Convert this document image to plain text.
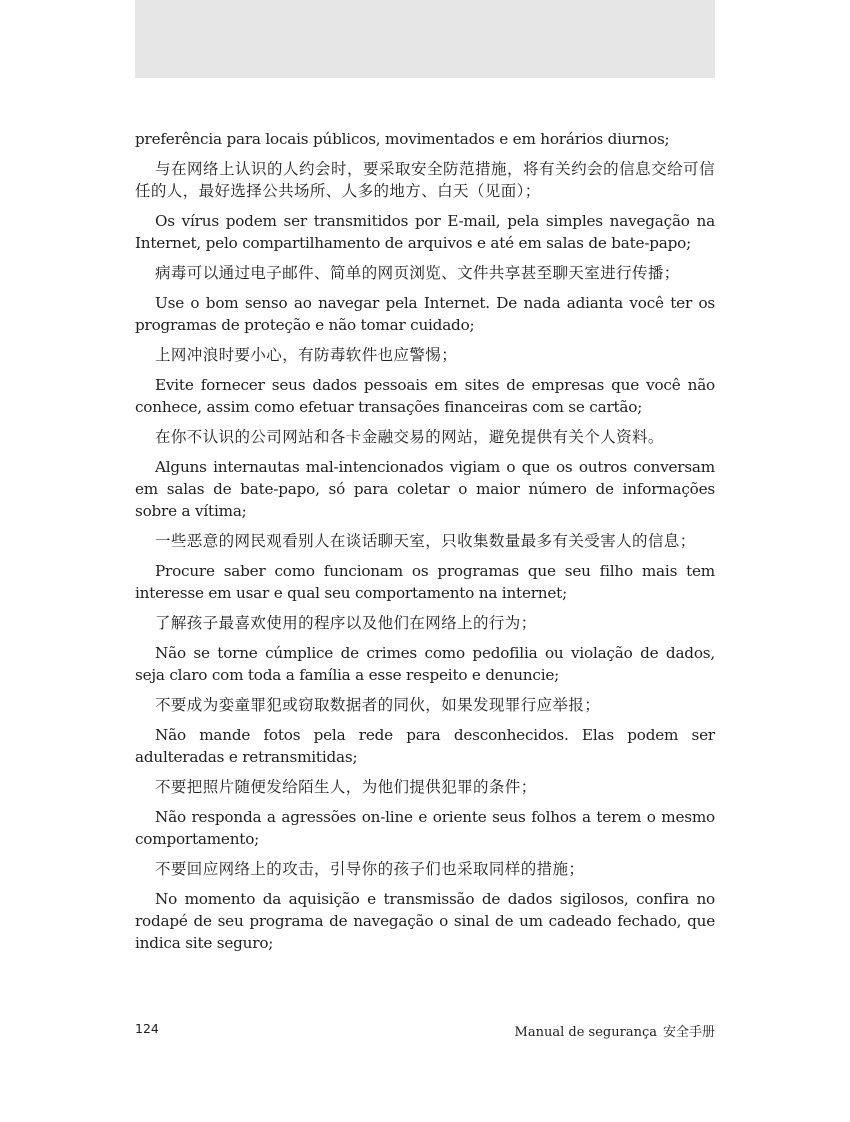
preferência para locais públicos, movimentados e em horários diurnos;

与在网络上认识的人约会时，要采取安全防范措施，将有关约会的信息交给可信任的人，最好选择公共场所、人多的地方、白天（见面）；

Os vírus podem ser transmitidos por E-mail, pela simples navegação na Internet, pelo compartilhamento de arquivos e até em salas de bate-papo;

病毒可以通过电子邮件、简单的网页浏览、文件共享甚至聊天室进行传播；

Use o bom senso ao navegar pela Internet. De nada adianta você ter os programas de proteção e não tomar cuidado;

上网冲浪时要小心，有防毒软件也应警惕；

Evite fornecer seus dados pessoais em sites de empresas que você não conhece, assim como efetuar transações financeiras com se cartão;

在你不认识的公司网站和各卡金融交易的网站，避免提供有关个人资料。

Alguns internautas mal-intencionados vigiam o que os outros conversam em salas de bate-papo, só para coletar o maior número de informações sobre a vítima;

一些恶意的网民观看别人在谈话聊天室，只收集数量最多有关受害人的信息；

Procure saber como funcionam os programas que seu filho mais tem interesse em usar e qual seu comportamento na internet;

了解孩子最喜欢使用的程序以及他们在网络上的行为；

Não se torne cúmplice de crimes como pedofilia ou violação de dados, seja claro com toda a família a esse respeito e denuncie;

不要成为娈童罪犯或窃取数据者的同伙，如果发现罪行应举报；

Não mande fotos pela rede para desconhecidos. Elas podem ser adulteradas e retransmitidas;

不要把照片随便发给陌生人，为他们提供犯罪的条件；

Não responda a agressões on-line e oriente seus folhos a terem o mesmo comportamento;

不要回应网络上的攻击，引导你的孩子们也采取同样的措施；

No momento da aquisição e transmissão de dados sigilosos, confira no rodapé de seu programa de navegação o sinal de um cadeado fechado, que indica site seguro;

124	Manual de segurança 安全手册
